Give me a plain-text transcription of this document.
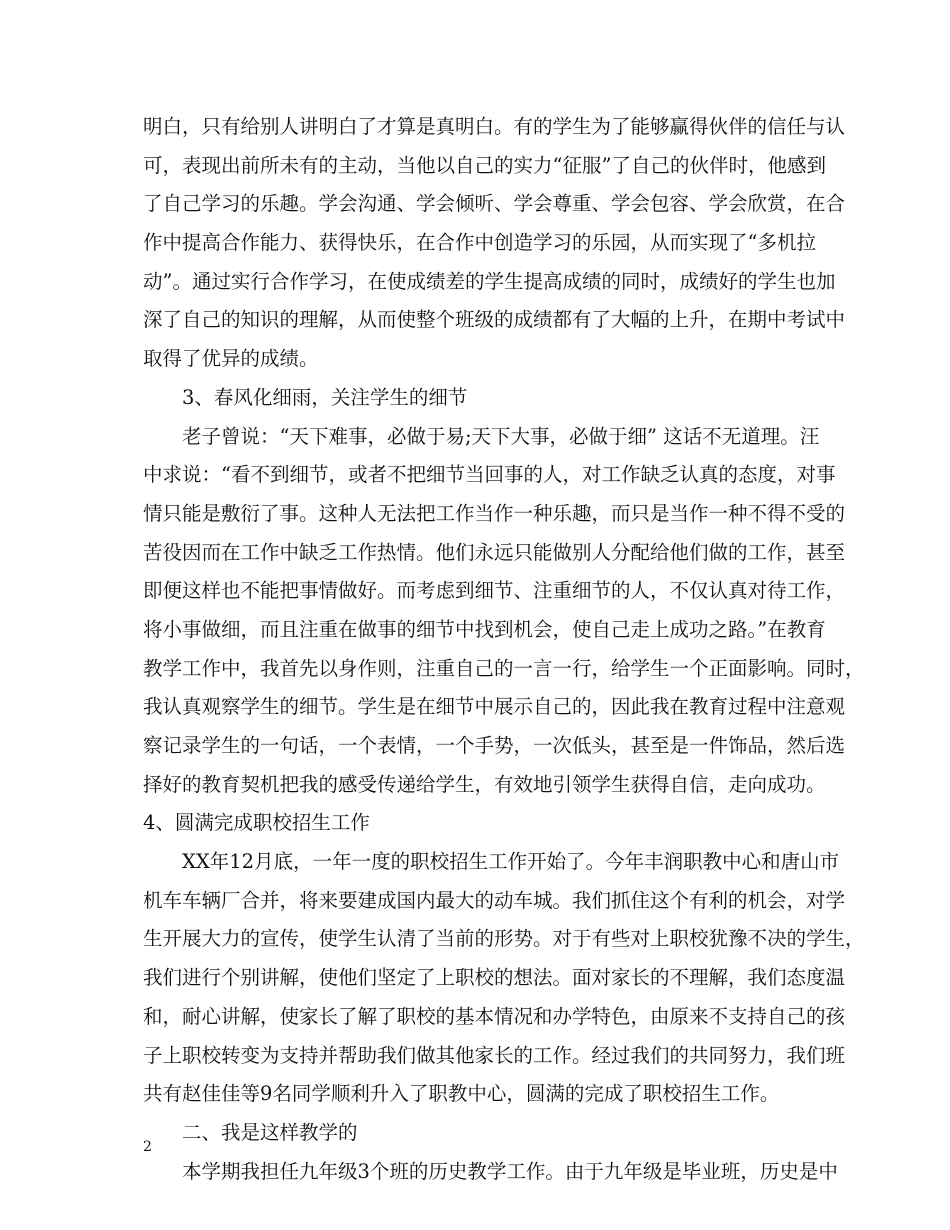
明白，只有给别人讲明白了才算是真明白。有的学生为了能够赢得伙伴的信任与认
可，表现出前所未有的主动，当他以自己的实力“征服”了自己的伙伴时，他感到
了自己学习的乐趣。学会沟通、学会倾听、学会尊重、学会包容、学会欣赏，在合
作中提高合作能力、获得快乐，在合作中创造学习的乐园，从而实现了“多机拉
动”。通过实行合作学习，在使成绩差的学生提高成绩的同时，成绩好的学生也加
深了自己的知识的理解，从而使整个班级的成绩都有了大幅的上升，在期中考试中
取得了优异的成绩。
3、春风化细雨，关注学生的细节
老子曾说：“天下难事，必做于易;天下大事，必做于细” 这话不无道理。汪
中求说：“看不到细节，或者不把细节当回事的人，对工作缺乏认真的态度，对事
情只能是敷衍了事。这种人无法把工作当作一种乐趣，而只是当作一种不得不受的
苦役因而在工作中缺乏工作热情。他们永远只能做别人分配给他们做的工作，甚至
即便这样也不能把事情做好。而考虑到细节、注重细节的人，不仅认真对待工作，
将小事做细，而且注重在做事的细节中找到机会，使自己走上成功之路。”在教育
教学工作中，我首先以身作则，注重自己的一言一行，给学生一个正面影响。同时，
我认真观察学生的细节。学生是在细节中展示自己的，因此我在教育过程中注意观
察记录学生的一句话，一个表情，一个手势，一次低头，甚至是一件饰品，然后选
择好的教育契机把我的感受传递给学生，有效地引领学生获得自信，走向成功。
4、圆满完成职校招生工作
XX年12月底，一年一度的职校招生工作开始了。今年丰润职教中心和唐山市
机车车辆厂合并，将来要建成国内最大的动车城。我们抓住这个有利的机会，对学
生开展大力的宣传，使学生认清了当前的形势。对于有些对上职校犹豫不决的学生，
我们进行个别讲解，使他们坚定了上职校的想法。面对家长的不理解，我们态度温
和，耐心讲解，使家长了解了职校的基本情况和办学特色，由原来不支持自己的孩
子上职校转变为支持并帮助我们做其他家长的工作。经过我们的共同努力，我们班
共有赵佳佳等9名同学顺利升入了职教中心，圆满的完成了职校招生工作。
二、我是这样教学的
本学期我担任九年级3个班的历史教学工作。由于九年级是毕业班，历史是中
2
